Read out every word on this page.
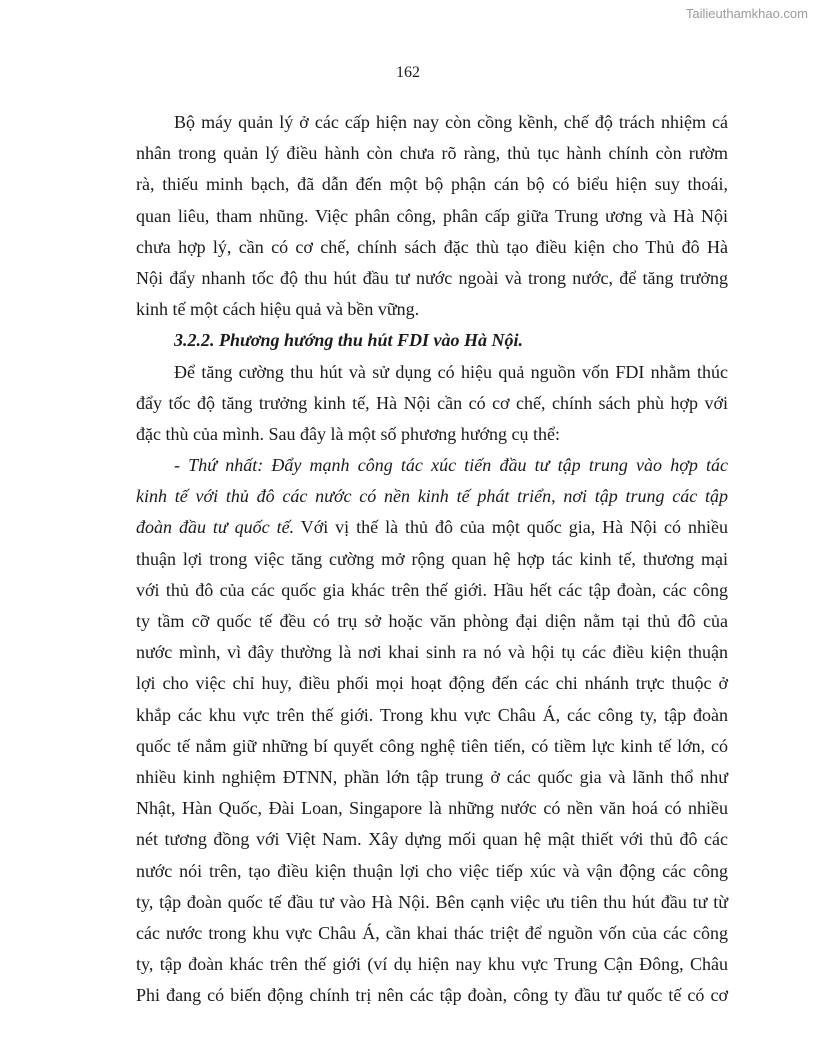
Tailieuthamkhao.com
162
Bộ máy quản lý ở các cấp hiện nay còn cồng kềnh, chế độ trách nhiệm cá
nhân trong quản lý điều hành còn chưa rõ ràng, thủ tục hành chính còn rườm
rà, thiếu minh bạch, đã dẫn đến một bộ phận cán bộ có biểu hiện suy thoái,
quan liêu, tham nhũng. Việc phân công, phân cấp giữa Trung ương và Hà Nội
chưa hợp lý, cần có cơ chế, chính sách đặc thù tạo điều kiện cho Thủ đô Hà
Nội đẩy nhanh tốc độ thu hút đầu tư nước ngoài và trong nước, để tăng trưởng
kinh tế một cách hiệu quả và bền vững.
3.2.2. Phương hướng thu hút FDI vào Hà Nội.
Để tăng cường thu hút và sử dụng có hiệu quả nguồn vốn FDI nhằm thúc
đẩy tốc độ tăng trưởng kinh tế, Hà Nội cần có cơ chế, chính sách phù hợp với
đặc thù của mình. Sau đây là một số phương hướng cụ thể:
- Thứ nhất: Đẩy mạnh công tác xúc tiến đầu tư tập trung vào hợp tác
kinh tế với thủ đô các nước có nền kinh tế phát triển, nơi tập trung các tập
đoàn đầu tư quốc tế. Với vị thế là thủ đô của một quốc gia, Hà Nội có nhiều
thuận lợi trong việc tăng cường mở rộng quan hệ hợp tác kinh tế, thương mại
với thủ đô của các quốc gia khác trên thế giới. Hầu hết các tập đoàn, các công
ty tầm cỡ quốc tế đều có trụ sở hoặc văn phòng đại diện nằm tại thủ đô của
nước mình, vì đây thường là nơi khai sinh ra nó và hội tụ các điều kiện thuận
lợi cho việc chỉ huy, điều phối mọi hoạt động đến các chi nhánh trực thuộc ở
khắp các khu vực trên thế giới. Trong khu vực Châu Á, các công ty, tập đoàn
quốc tế nắm giữ những bí quyết công nghệ tiên tiến, có tiềm lực kinh tế lớn, có
nhiều kinh nghiệm ĐTNN, phần lớn tập trung ở các quốc gia và lãnh thổ như
Nhật, Hàn Quốc, Đài Loan, Singapore là những nước có nền văn hoá có nhiều
nét tương đồng với Việt Nam. Xây dựng mối quan hệ mật thiết với thủ đô các
nước nói trên, tạo điều kiện thuận lợi cho việc tiếp xúc và vận động các công
ty, tập đoàn quốc tế đầu tư vào Hà Nội. Bên cạnh việc ưu tiên thu hút đầu tư từ
các nước trong khu vực Châu Á, cần khai thác triệt để nguồn vốn của các công
ty, tập đoàn khác trên thế giới (ví dụ hiện nay khu vực Trung Cận Đông, Châu
Phi đang có biến động chính trị nên các tập đoàn, công ty đầu tư quốc tế có cơ
